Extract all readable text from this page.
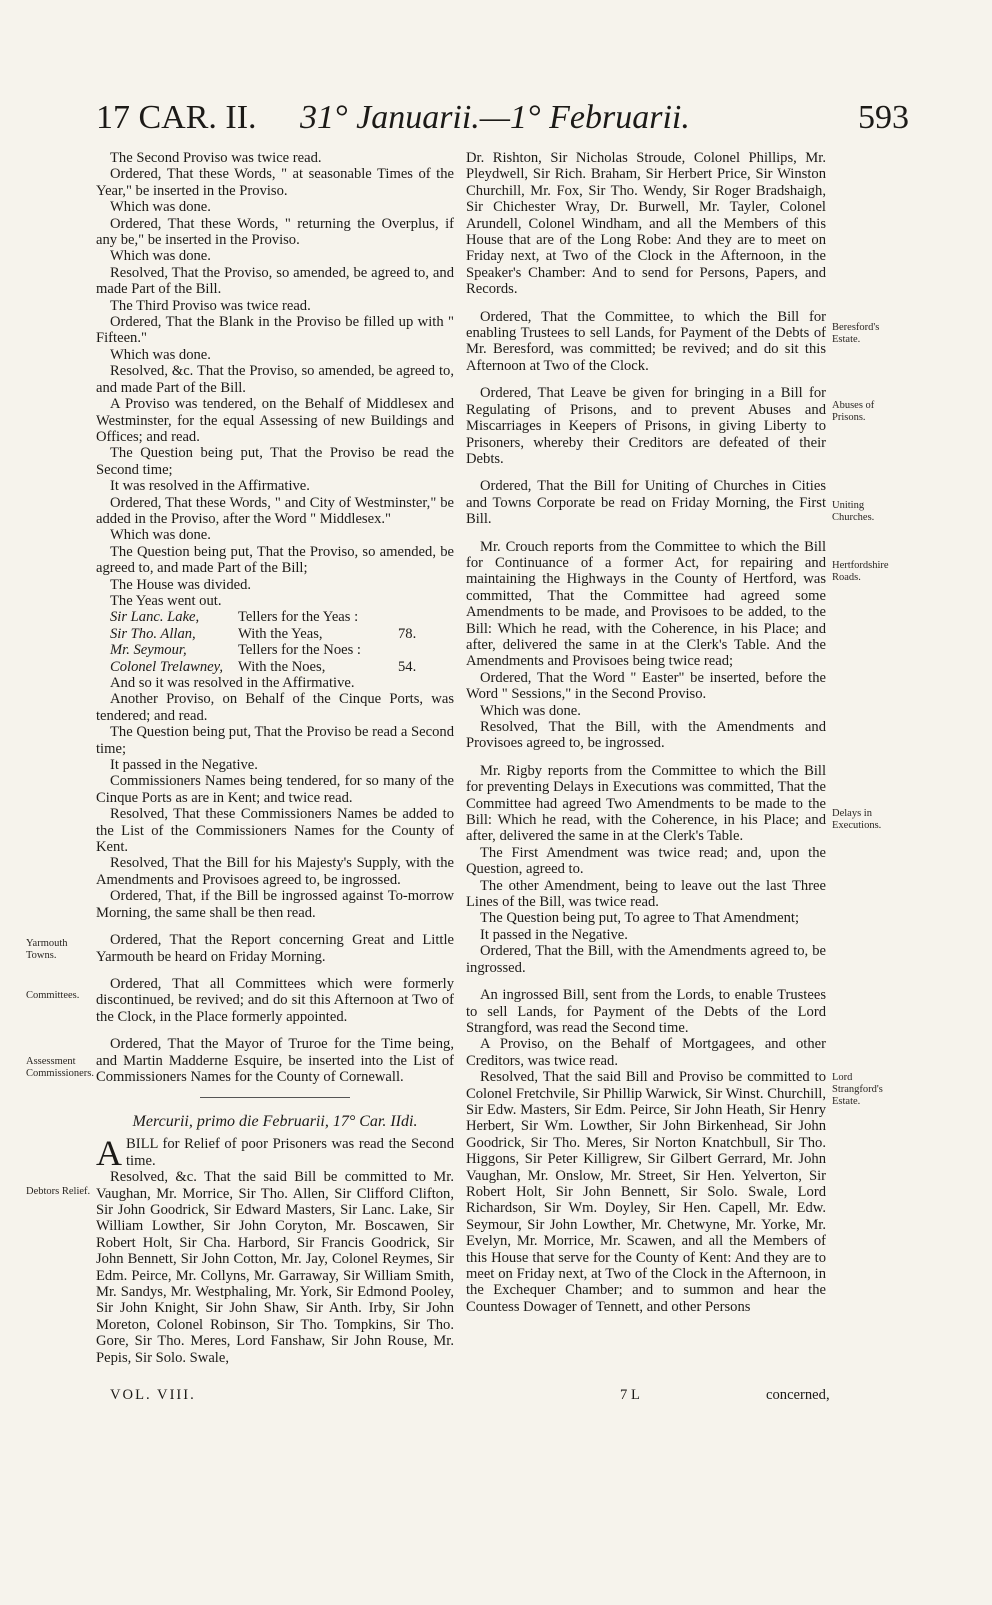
17 CAR. II. 31° Januarii.—1° Februarii.	593

The Second Proviso was twice read.

Ordered, That these Words, " at seasonable Times of the Year," be inserted in the Proviso.

Which was done.

Ordered, That these Words, " returning the Overplus, if any be," be inserted in the Proviso.

Which was done.

Resolved, That the Proviso, so amended, be agreed to, and made Part of the Bill.

The Third Proviso was twice read.

Ordered, That the Blank in the Proviso be filled up with " Fifteen."

Which was done.

Resolved, &c. That the Proviso, so amended, be agreed to, and made Part of the Bill.

A Proviso was tendered, on the Behalf of Middlesex and Westminster, for the equal Assessing of new Buildings and Offices; and read.

The Question being put, That the Proviso be read the Second time;

It was resolved in the Affirmative.

Ordered, That these Words, " and City of Westminster," be added in the Proviso, after the Word " Middlesex."

Which was done.

The Question being put, That the Proviso, so amended, be agreed to, and made Part of the Bill;

The House was divided.

The Yeas went out.

Sir Lanc. Lake,	Tellers for the Yeas :
Sir Tho. Allan,	With the Yeas,	78.
Mr. Seymour,	Tellers for the Noes :
Colonel Trelawney,	With the Noes,	54.

And so it was resolved in the Affirmative.

Another Proviso, on Behalf of the Cinque Ports, was tendered; and read.

The Question being put, That the Proviso be read a Second time;

It passed in the Negative.

Commissioners Names being tendered, for so many of the Cinque Ports as are in Kent; and twice read.

Resolved, That these Commissioners Names be added to the List of the Commissioners Names for the County of Kent.

Resolved, That the Bill for his Majesty's Supply, with the Amendments and Provisoes agreed to, be ingrossed.

Ordered, That, if the Bill be ingrossed against To-morrow Morning, the same shall be then read.

Ordered, That the Report concerning Great and Little Yarmouth be heard on Friday Morning.

Ordered, That all Committees which were formerly discontinued, be revived; and do sit this Afternoon at Two of the Clock, in the Place formerly appointed.

Ordered, That the Mayor of Truroe for the Time being, and Martin Madderne Esquire, be inserted into the List of Commissioners Names for the County of Cornewall.

Mercurii, primo die Februarii, 17° Car. IIdi.

ABILL for Relief of poor Prisoners was read the Second time.

Resolved, &c. That the said Bill be committed to Mr. Vaughan, Mr. Morrice, Sir Tho. Allen, Sir Clifford Clifton, Sir John Goodrick, Sir Edward Masters, Sir Lanc. Lake, Sir William Lowther, Sir John Coryton, Mr. Boscawen, Sir Robert Holt, Sir Cha. Harbord, Sir Francis Goodrick, Sir John Bennett, Sir John Cotton, Mr. Jay, Colonel Reymes, Sir Edm. Peirce, Mr. Collyns, Mr. Garraway, Sir William Smith, Mr. Sandys, Mr. Westphaling, Mr. York, Sir Edmond Pooley, Sir John Knight, Sir John Shaw, Sir Anth. Irby, Sir John Moreton, Colonel Robinson, Sir Tho. Tompkins, Sir Tho. Gore, Sir Tho. Meres, Lord Fanshaw, Sir John Rouse, Mr. Pepis, Sir Solo. Swale,

Dr. Rishton, Sir Nicholas Stroude, Colonel Phillips, Mr. Pleydwell, Sir Rich. Braham, Sir Herbert Price, Sir Winston Churchill, Mr. Fox, Sir Tho. Wendy, Sir Roger Bradshaigh, Sir Chichester Wray, Dr. Burwell, Mr. Tayler, Colonel Arundell, Colonel Windham, and all the Members of this House that are of the Long Robe: And they are to meet on Friday next, at Two of the Clock in the Afternoon, in the Speaker's Chamber: And to send for Persons, Papers, and Records.

Ordered, That the Committee, to which the Bill for enabling Trustees to sell Lands, for Payment of the Debts of Mr. Beresford, was committed; be revived; and do sit this Afternoon at Two of the Clock.

Ordered, That Leave be given for bringing in a Bill for Regulating of Prisons, and to prevent Abuses and Miscarriages in Keepers of Prisons, in giving Liberty to Prisoners, whereby their Creditors are defeated of their Debts.

Ordered, That the Bill for Uniting of Churches in Cities and Towns Corporate be read on Friday Morning, the First Bill.

Mr. Crouch reports from the Committee to which the Bill for Continuance of a former Act, for repairing and maintaining the Highways in the County of Hertford, was committed, That the Committee had agreed some Amendments to be made, and Provisoes to be added, to the Bill: Which he read, with the Coherence, in his Place; and after, delivered the same in at the Clerk's Table. And the Amendments and Provisoes being twice read;

Ordered, That the Word " Easter" be inserted, before the Word " Sessions," in the Second Proviso.

Which was done.

Resolved, That the Bill, with the Amendments and Provisoes agreed to, be ingrossed.

Mr. Rigby reports from the Committee to which the Bill for preventing Delays in Executions was committed, That the Committee had agreed Two Amendments to be made to the Bill: Which he read, with the Coherence, in his Place; and after, delivered the same in at the Clerk's Table.

The First Amendment was twice read; and, upon the Question, agreed to.

The other Amendment, being to leave out the last Three Lines of the Bill, was twice read.

The Question being put, To agree to That Amendment;

It passed in the Negative.

Ordered, That the Bill, with the Amendments agreed to, be ingrossed.

An ingrossed Bill, sent from the Lords, to enable Trustees to sell Lands, for Payment of the Debts of the Lord Strangford, was read the Second time.

A Proviso, on the Behalf of Mortgagees, and other Creditors, was twice read.

Resolved, That the said Bill and Proviso be committed to Colonel Fretchvile, Sir Phillip Warwick, Sir Winst. Churchill, Sir Edw. Masters, Sir Edm. Peirce, Sir John Heath, Sir Henry Herbert, Sir Wm. Lowther, Sir John Birkenhead, Sir John Goodrick, Sir Tho. Meres, Sir Norton Knatchbull, Sir Tho. Higgons, Sir Peter Killigrew, Sir Gilbert Gerrard, Mr. John Vaughan, Mr. Onslow, Mr. Street, Sir Hen. Yelverton, Sir Robert Holt, Sir John Bennett, Sir Solo. Swale, Lord Richardson, Sir Wm. Doyley, Sir Hen. Capell, Mr. Edw. Seymour, Sir John Lowther, Mr. Chetwyne, Mr. Yorke, Mr. Evelyn, Mr. Morrice, Mr. Scawen, and all the Members of this House that serve for the County of Kent: And they are to meet on Friday next, at Two of the Clock in the Afternoon, in the Exchequer Chamber; and to summon and hear the Countess Dowager of Tennett, and other Persons

Yarmouth Towns.
Committees.
Assessment Commissioners.
Debtors Relief.
Beresford's Estate.
Abuses of Prisons.
Uniting Churches.
Hertfordshire Roads.
Delays in Executions.
Lord Strangford's Estate.
VOL. VIII.	7 L	concerned,
